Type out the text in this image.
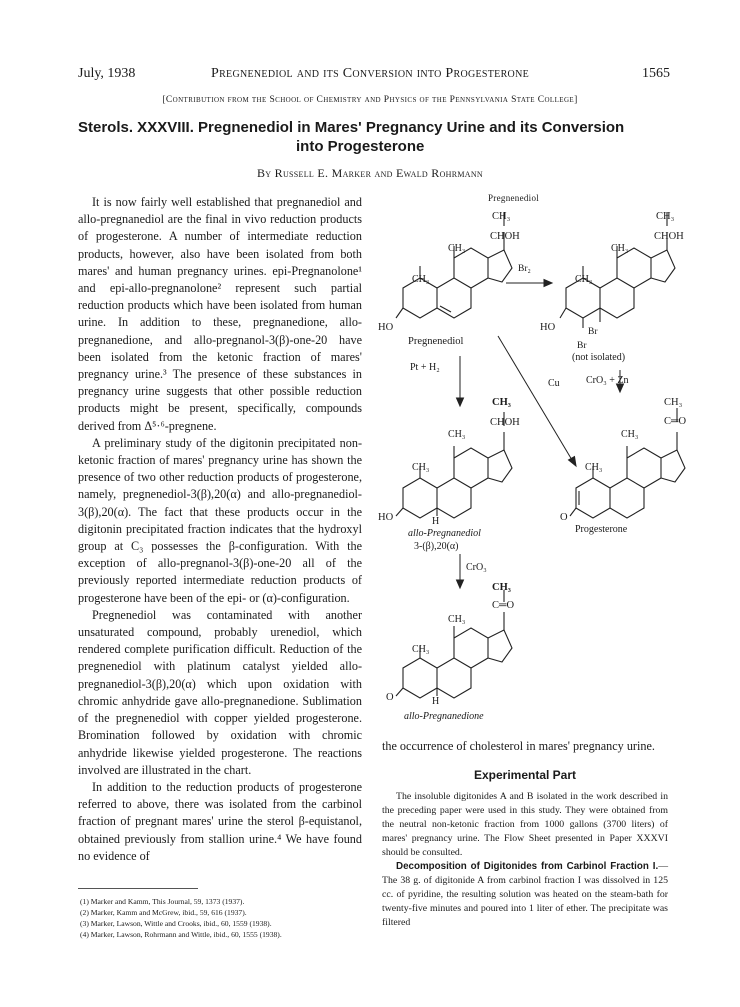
July, 1938	Pregnenediol and its Conversion into Progesterone	1565
[Contribution from the School of Chemistry and Physics of the Pennsylvania State College]
Sterols. XXXVIII. Pregnenediol in Mares' Pregnancy Urine and its Conversion
into Progesterone
By Russell E. Marker and Ewald Rohrmann

It is now fairly well established that pregnanediol and allo-pregnanediol are the final in vivo reduction products of progesterone. A number of intermediate reduction products, however, also have been isolated from both mares' and human pregnancy urines. epi-Pregnanolone¹ and epi-allo-pregnanolone² represent such partial reduction products which have been isolated from human urine. In addition to these, pregnanedione, allo-pregnanedione, and allo-pregnanol-3(β)-one-20 have been isolated from the ketonic fraction of mares' pregnancy urine.³ The presence of these substances in pregnancy urine suggests that other possible reduction products might be present, specifically, compounds derived from Δ⁵·⁶-pregnene.

A preliminary study of the digitonin precipitated non-ketonic fraction of mares' pregnancy urine has shown the presence of two other reduction products of progesterone, namely, pregnenediol-3(β),20(α) and allo-pregnanediol-3(β),20(α). The fact that these products occur in the digitonin precipitated fraction indicates that the hydroxyl group at C₃ possesses the β-configuration. With the exception of allo-pregnanol-3(β)-one-20 all of the previously reported intermediate reduction products of progesterone have been of the epi- or (α)-configuration.

Pregnenediol was contaminated with another unsaturated compound, probably urenediol, which rendered complete purification difficult. Reduction of the pregnenediol with platinum catalyst yielded allo-pregnanediol-3(β),20(α) which upon oxidation with chromic anhydride gave allo-pregnanedione. Sublimation of the pregnenediol with copper yielded progesterone. Bromination followed by oxidation with chromic anhydride likewise yielded progesterone. The reactions involved are illustrated in the chart.

In addition to the reduction products of progesterone referred to above, there was isolated from the carbinol fraction of pregnant mares' urine the sterol β-equistanol, obtained previously from stallion urine.⁴ We have found no evidence of

(1) Marker and Kamm, This Journal, 59, 1373 (1937).
(2) Marker, Kamm and McGrew, ibid., 59, 616 (1937).
(3) Marker, Lawson, Wittle and Crooks, ibid., 60, 1559 (1938).
(4) Marker, Lawson, Rohrmann and Wittle, ibid., 60, 1555 (1938).
Pregnenediol
CH₃
CHOH
CH₃
CH₃
HO
Pregnenediol
Br₂
CH₃
CHOH
CH₃
CH₃
HO	Br
Br
(not isolated)
Pt + H₂
Cu	CrO₃ + Zn
CH₃
CHOH
CH₃
CH₃
HO	H
allo-Pregnanediol
3-(β),20(α)
CrO₃
CH₃
C═O
CH₃
CH₃
O
Progesterone
CH₃
C═O
CH₃
CH₃
O	H
allo-Pregnanedione

the occurrence of cholesterol in mares' pregnancy urine.

Experimental Part

The insoluble digitonides A and B isolated in the work described in the preceding paper were used in this study. They were obtained from the neutral non-ketonic fraction from 1000 gallons (3700 liters) of mares' pregnancy urine. The Flow Sheet presented in Paper XXXVI should be consulted.

Decomposition of Digitonides from Carbinol Fraction I.—The 38 g. of digitonide A from carbinol fraction I was dissolved in 125 cc. of pyridine, the resulting solution was heated on the steam-bath for twenty-five minutes and poured into 1 liter of ether. The precipitate was filtered
